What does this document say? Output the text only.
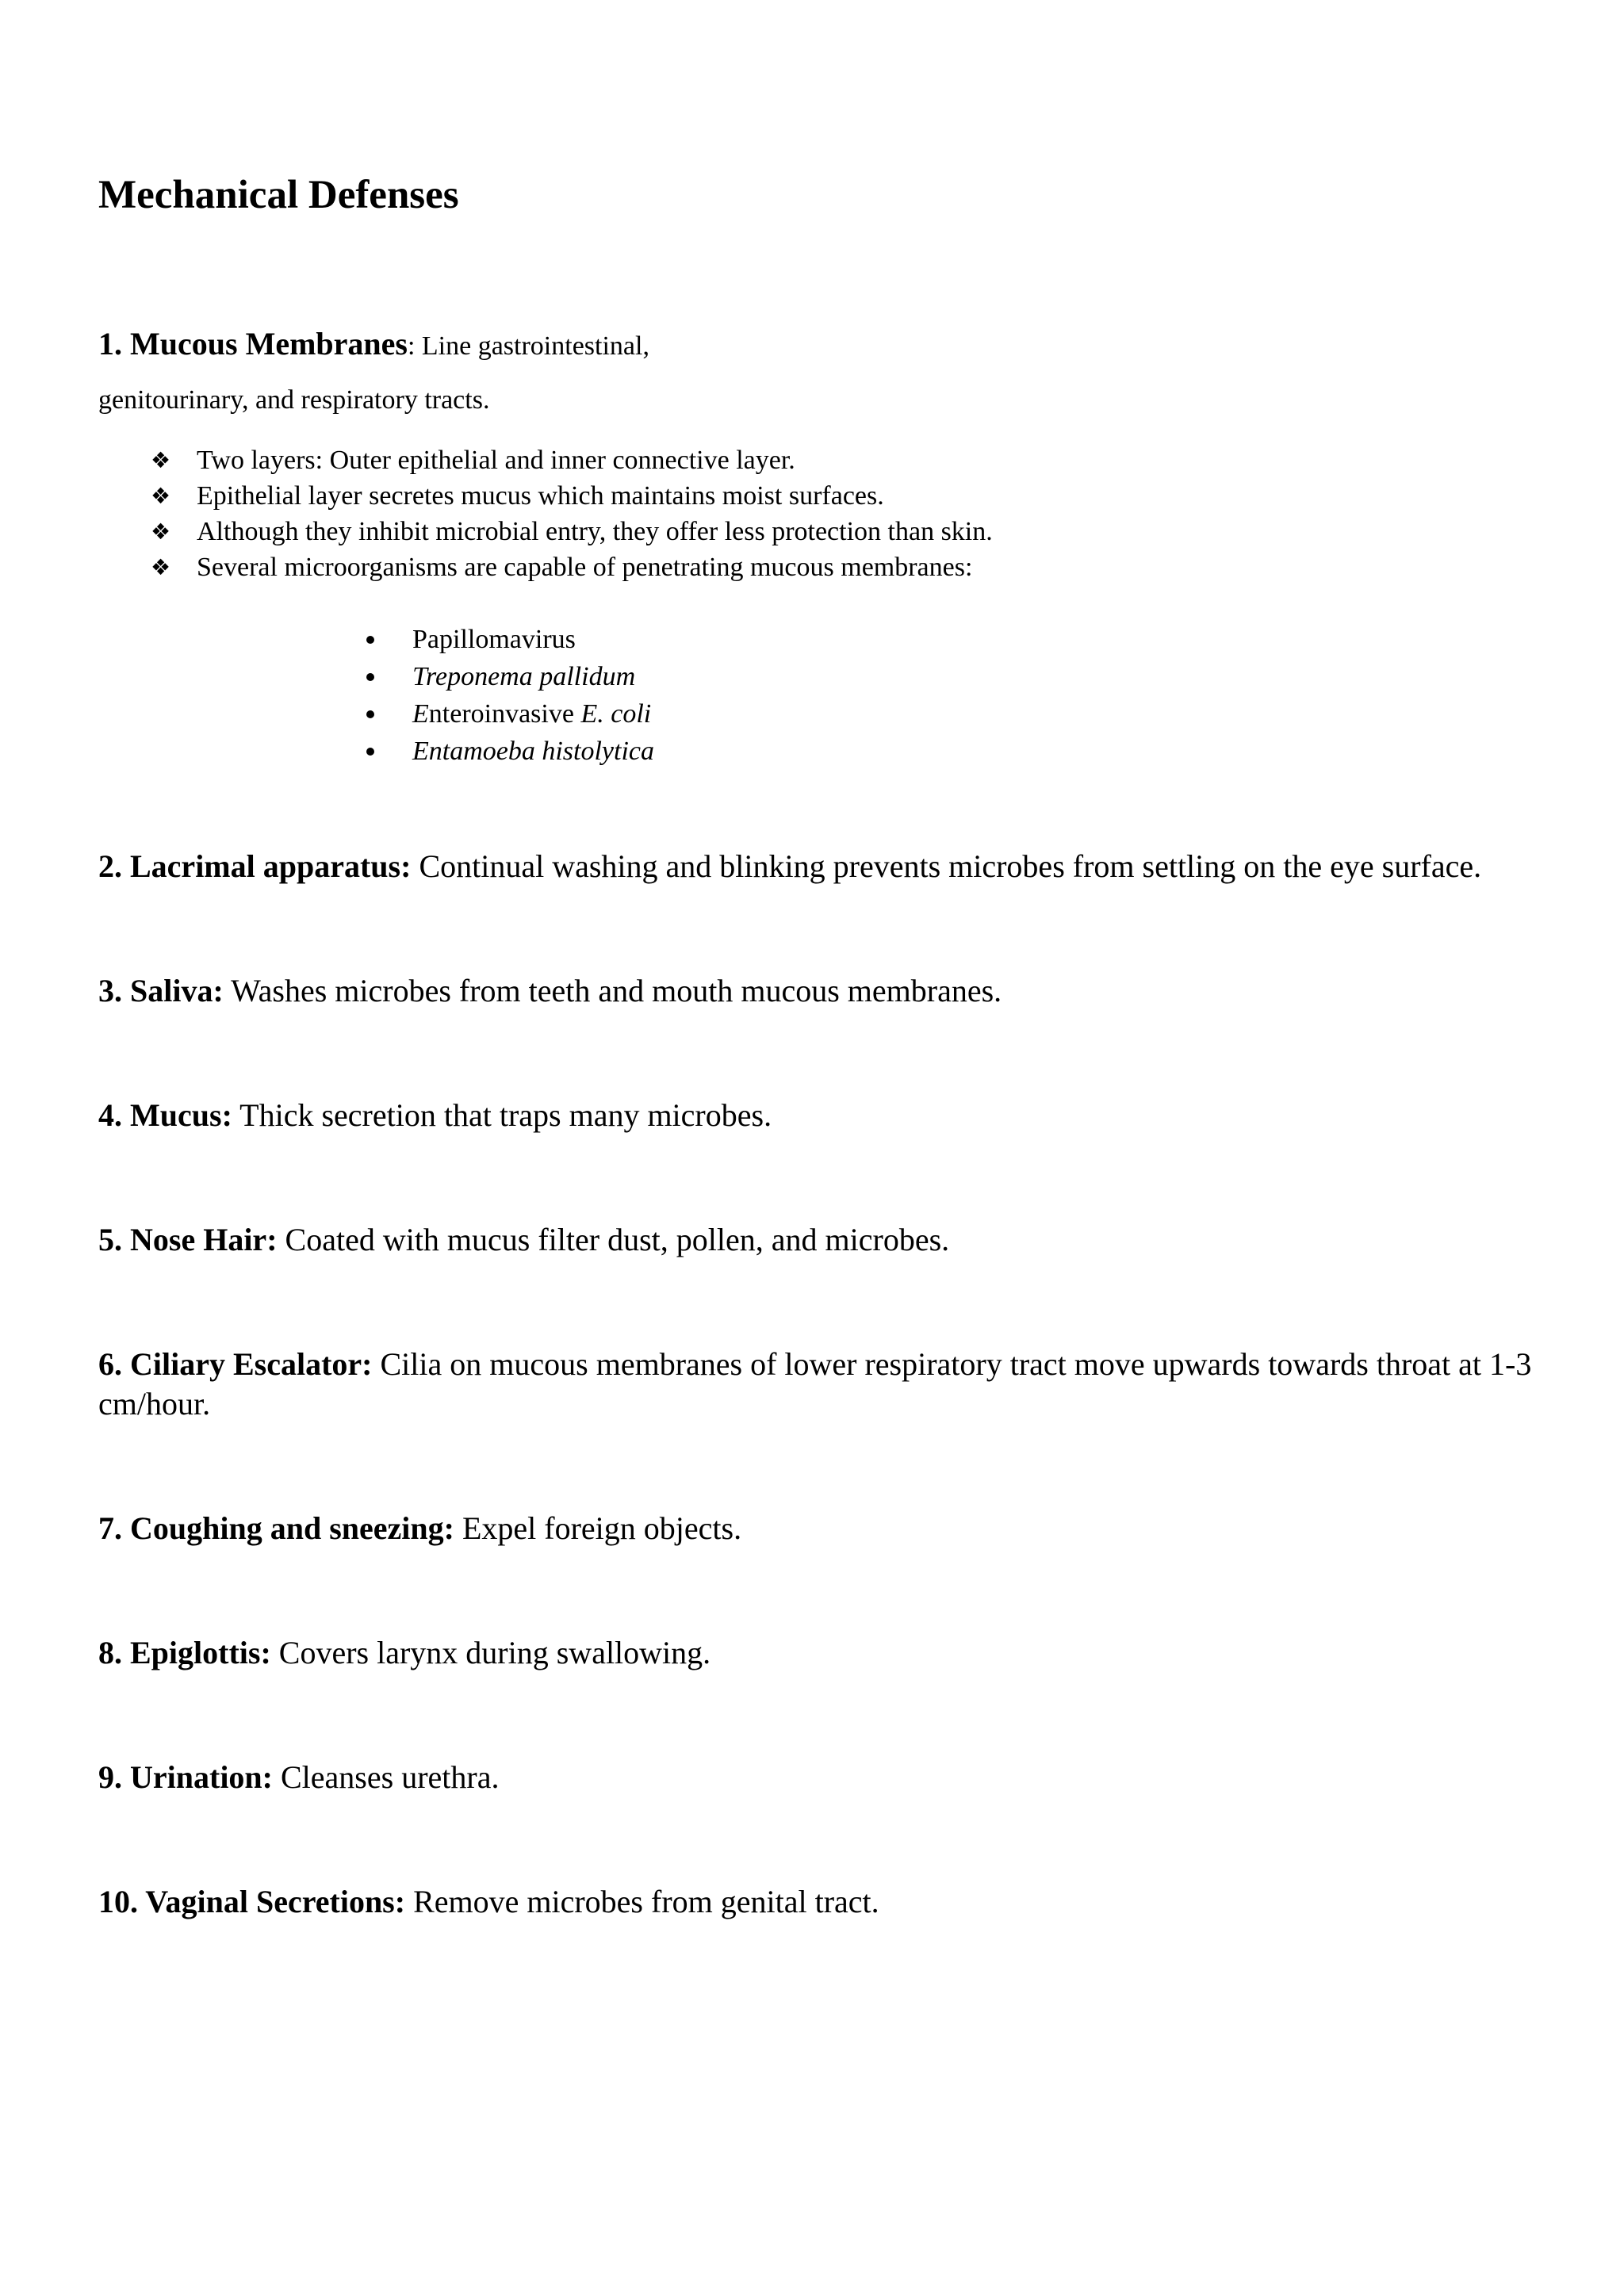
Mechanical Defenses
1. Mucous Membranes: Line gastrointestinal,
genitourinary, and respiratory tracts.
❖ Two layers: Outer epithelial and inner connective layer.
❖ Epithelial layer secretes mucus which maintains moist surfaces.
❖ Although they inhibit microbial entry, they offer less protection than skin.
❖ Several microorganisms are capable of penetrating mucous membranes:
Papillomavirus
Treponema pallidum
Enteroinvasive E. coli
Entamoeba histolytica

2. Lacrimal apparatus: Continual washing and blinking prevents microbes from settling on the eye surface.

3. Saliva: Washes microbes from teeth and mouth mucous membranes.

4. Mucus: Thick secretion that traps many microbes.

5. Nose Hair: Coated with mucus filter dust, pollen, and microbes.

6. Ciliary Escalator: Cilia on mucous membranes of lower respiratory tract move upwards towards throat at 1-3 cm/hour.

7. Coughing and sneezing: Expel foreign objects.

8. Epiglottis: Covers larynx during swallowing.

9. Urination: Cleanses urethra.

10. Vaginal Secretions: Remove microbes from genital tract.
